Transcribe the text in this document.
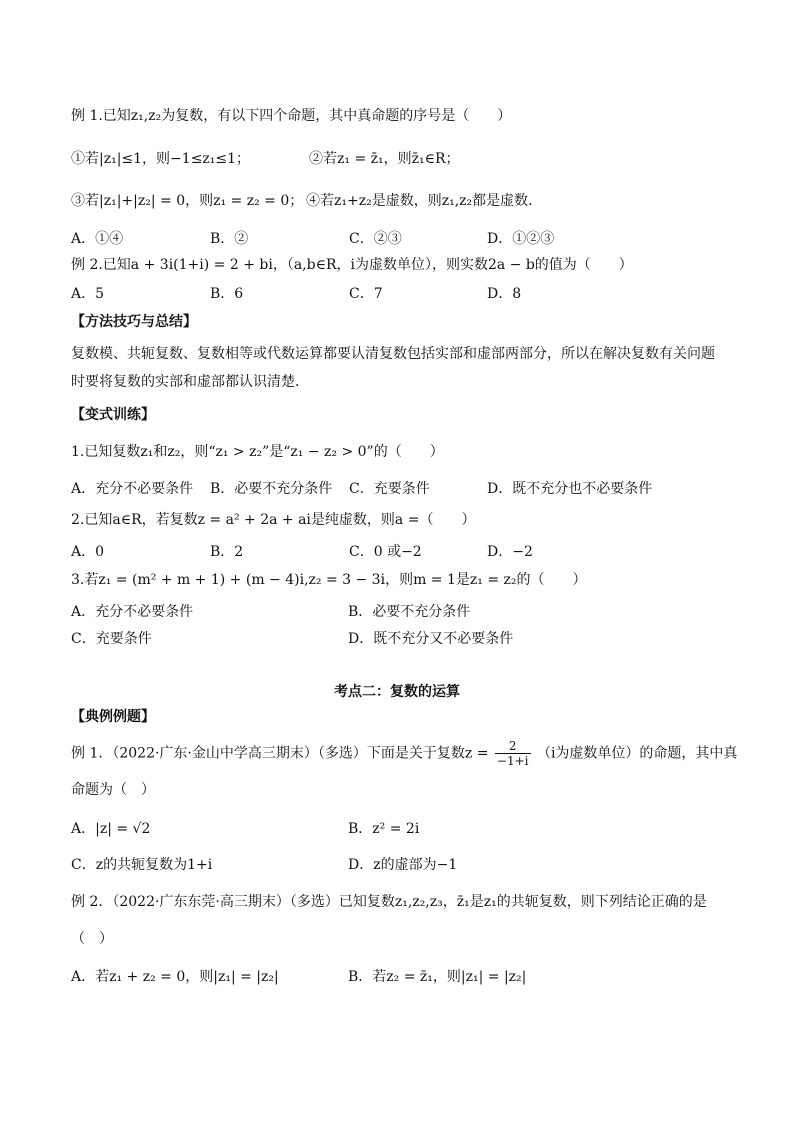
例 1.已知z₁,z₂为复数，有以下四个命题，其中真命题的序号是（　　）
①若|z₁|≤1，则−1≤z₁≤1；	②若z₁ = z̄₁，则z̄₁∈R；
③若|z₁|+|z₂| = 0，则z₁ = z₂ = 0； ④若z₁+z₂是虚数，则z₁,z₂都是虚数.
A．①④	B．②	C．②③	D．①②③
例 2.已知a + 3i(1+i) = 2 + bi，（a,b∈R，i为虚数单位），则实数2a − b的值为（　　）
A．5	B．6	C．7	D．8
【方法技巧与总结】
复数模、共轭复数、复数相等或代数运算都要认清复数包括实部和虚部两部分，所以在解决复数有关问题时要将复数的实部和虚部都认识清楚．
【变式训练】
1.已知复数z₁和z₂，则“z₁ > z₂”是“z₁ − z₂ > 0”的（　　）
A．充分不必要条件 B．必要不充分条件 C．充要条件	D．既不充分也不必要条件
2.已知a∈R，若复数z = a² + 2a + ai是纯虚数，则a =（　　）
A．0	B．2	C．0 或−2	D．−2
3.若z₁ = (m² + m + 1) + (m − 4)i,z₂ = 3 − 3i，则m = 1是z₁ = z₂的（　　）
A．充分不必要条件	B．必要不充分条件
C．充要条件	D．既不充分又不必要条件
考点二：复数的运算
【典例例题】
例 1．（2022·广东·金山中学高三期末）（多选）下面是关于复数$z = \frac{2}{-1+i} (i$为虚数单位）的命题，其中真
命题为（　）
A．|z| = √2	B．z² = 2i
C．z的共轭复数为1+i	D．z的虚部为−1
例 2．（2022·广东东莞·高三期末）（多选）已知复数z₁,z₂,z₃，z̄₁是z₁的共轭复数，则下列结论正确的是
（　）
A．若z₁ + z₂ = 0，则|z₁| = |z₂|	B．若z₂ = z̄₁，则|z₁| = |z₂|
